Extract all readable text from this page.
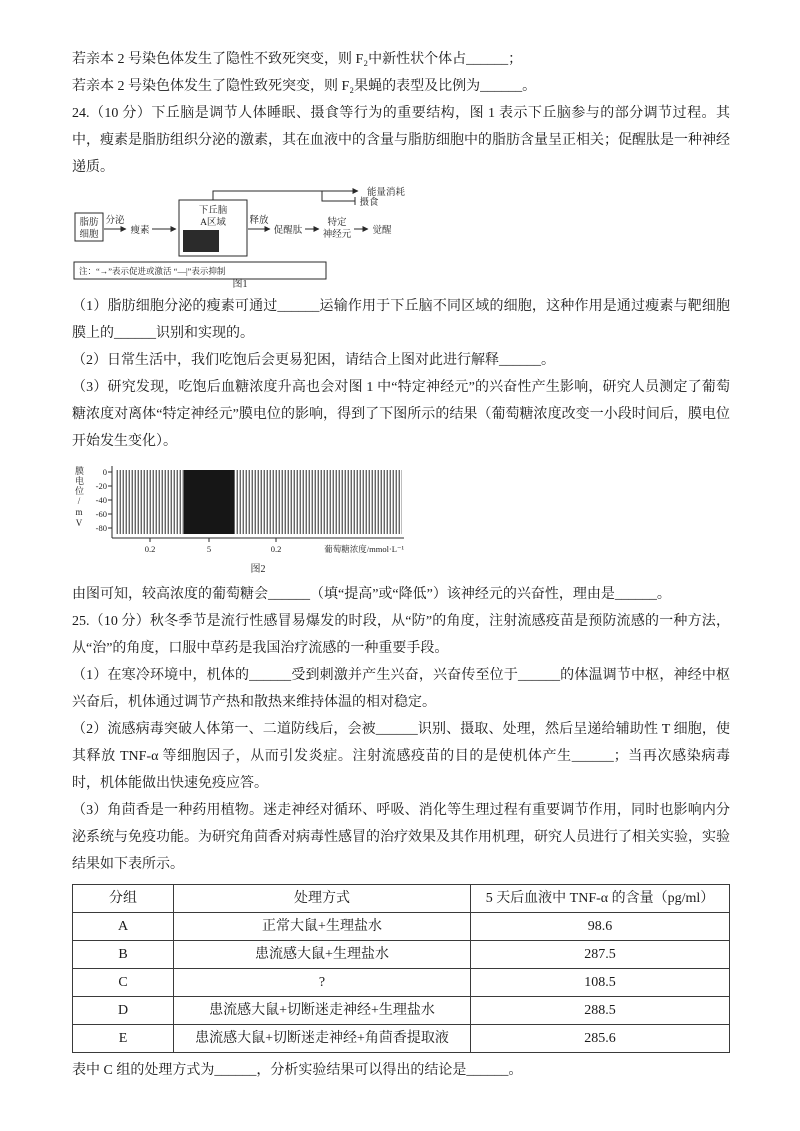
若亲本 2 号染色体发生了隐性不致死突变，则 F₂中新性状个体占______；

若亲本 2 号染色体发生了隐性致死突变，则 F₂果蝇的表型及比例为______。

24.（10 分）下丘脑是调节人体睡眠、摄食等行为的重要结构，图 1 表示下丘脑参与的部分调节过程。其中，瘦素是脂肪组织分泌的激素，其在血液中的含量与脂肪细胞中的脂肪含量呈正相关；促醒肽是一种神经递质。

脂肪
细胞
分泌
瘦素
下丘脑
A区域 释放
促醒肽
特定
神经元 觉醒
能量消耗
摄食
注：“→”表示促进或激活 “—|”表示抑制
图1

（1）脂肪细胞分泌的瘦素可通过______运输作用于下丘脑不同区域的细胞，这种作用是通过瘦素与靶细胞膜上的______识别和实现的。

（2）日常生活中，我们吃饱后会更易犯困，请结合上图对此进行解释______。

（3）研究发现，吃饱后血糖浓度升高也会对图 1 中“特定神经元”的兴奋性产生影响，研究人员测定了葡萄糖浓度对离体“特定神经元”膜电位的影响，得到了下图所示的结果（葡萄糖浓度改变一小段时间后，膜电位开始发生变化）。

膜电位/mV 0
-20
-40
-60
-80
0.2	5	0.2	葡萄糖浓度/mmol·L⁻¹
图2

由图可知，较高浓度的葡萄糖会______（填“提高”或“降低”）该神经元的兴奋性，理由是______。

25.（10 分）秋冬季节是流行性感冒易爆发的时段，从“防”的角度，注射流感疫苗是预防流感的一种方法，从“治”的角度，口服中草药是我国治疗流感的一种重要手段。

（1）在寒冷环境中，机体的______受到刺激并产生兴奋，兴奋传至位于______的体温调节中枢，神经中枢兴奋后，机体通过调节产热和散热来维持体温的相对稳定。

（2）流感病毒突破人体第一、二道防线后，会被______识别、摄取、处理，然后呈递给辅助性 T 细胞，使其释放 TNF-α 等细胞因子，从而引发炎症。注射流感疫苗的目的是使机体产生______；当再次感染病毒时，机体能做出快速免疫应答。

（3）角茴香是一种药用植物。迷走神经对循环、呼吸、消化等生理过程有重要调节作用，同时也影响内分泌系统与免疫功能。为研究角茴香对病毒性感冒的治疗效果及其作用机理，研究人员进行了相关实验，实验结果如下表所示。

分组	处理方式	5 天后血液中 TNF-α 的含量（pg/ml）
A	正常大鼠+生理盐水	98.6
B	患流感大鼠+生理盐水	287.5
C	?	108.5
D	患流感大鼠+切断迷走神经+生理盐水	288.5
E	患流感大鼠+切断迷走神经+角茴香提取液	285.6

表中 C 组的处理方式为______，分析实验结果可以得出的结论是______。
